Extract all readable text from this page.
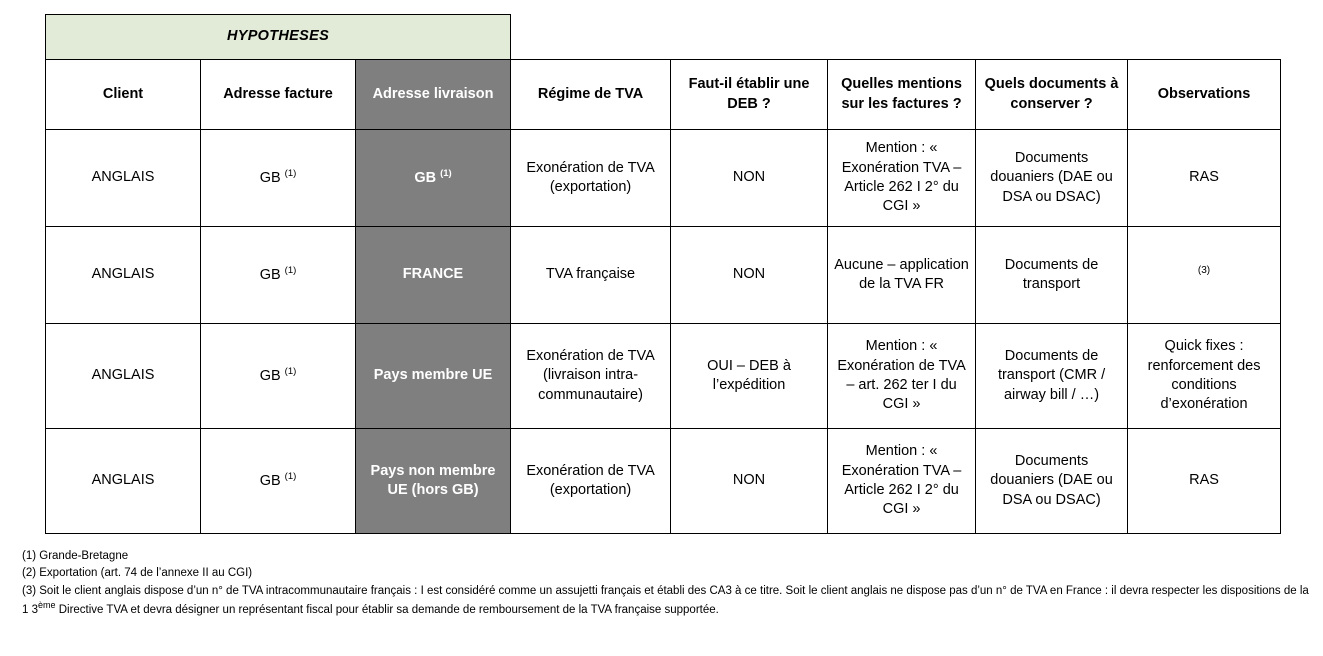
HYPOTHESES							
Client	Adresse facture	Adresse livraison	Régime de TVA	Faut-il établir une DEB ?	Quelles mentions sur les factures ?	Quels documents à conserver ?	Observations
ANGLAIS	GB $^{(1)}$	GB $^{(1)}$	Exonération de TVA (exportation)	NON	Mention : « Exonération TVA – Article 262 I 2° du CGI »	Documents douaniers (DAE ou DSA ou DSAC)	RAS
ANGLAIS	GB $^{(1)}$	FRANCE	TVA française	NON	Aucune – application de la TVA FR	Documents de transport	$^{(3)}$
ANGLAIS	GB $^{(1)}$	Pays membre UE	Exonération de TVA (livraison intra-communautaire)	OUI – DEB à l’expédition	Mention : « Exonération de TVA – art. 262 ter I du CGI »	Documents de transport (CMR / airway bill / …)	Quick fixes : renforcement des conditions d’exonération
ANGLAIS	GB $^{(1)}$	Pays non membre UE (hors GB)	Exonération de TVA (exportation)	NON	Mention : « Exonération TVA – Article 262 I 2° du CGI »	Documents douaniers (DAE ou DSA ou DSAC)	RAS
(1) Grande-Bretagne
(2) Exportation (art. 74 de l’annexe II au CGI)
(3) Soit le client anglais dispose d’un n° de TVA intracommunautaire français : I est considéré comme un assujetti français et établi des CA3 à ce titre. Soit le client anglais ne dispose pas d’un n° de TVA en France : il devra respecter les dispositions de la 1 3ème Directive TVA et devra désigner un représentant fiscal pour établir sa demande de remboursement de la TVA française supportée.
